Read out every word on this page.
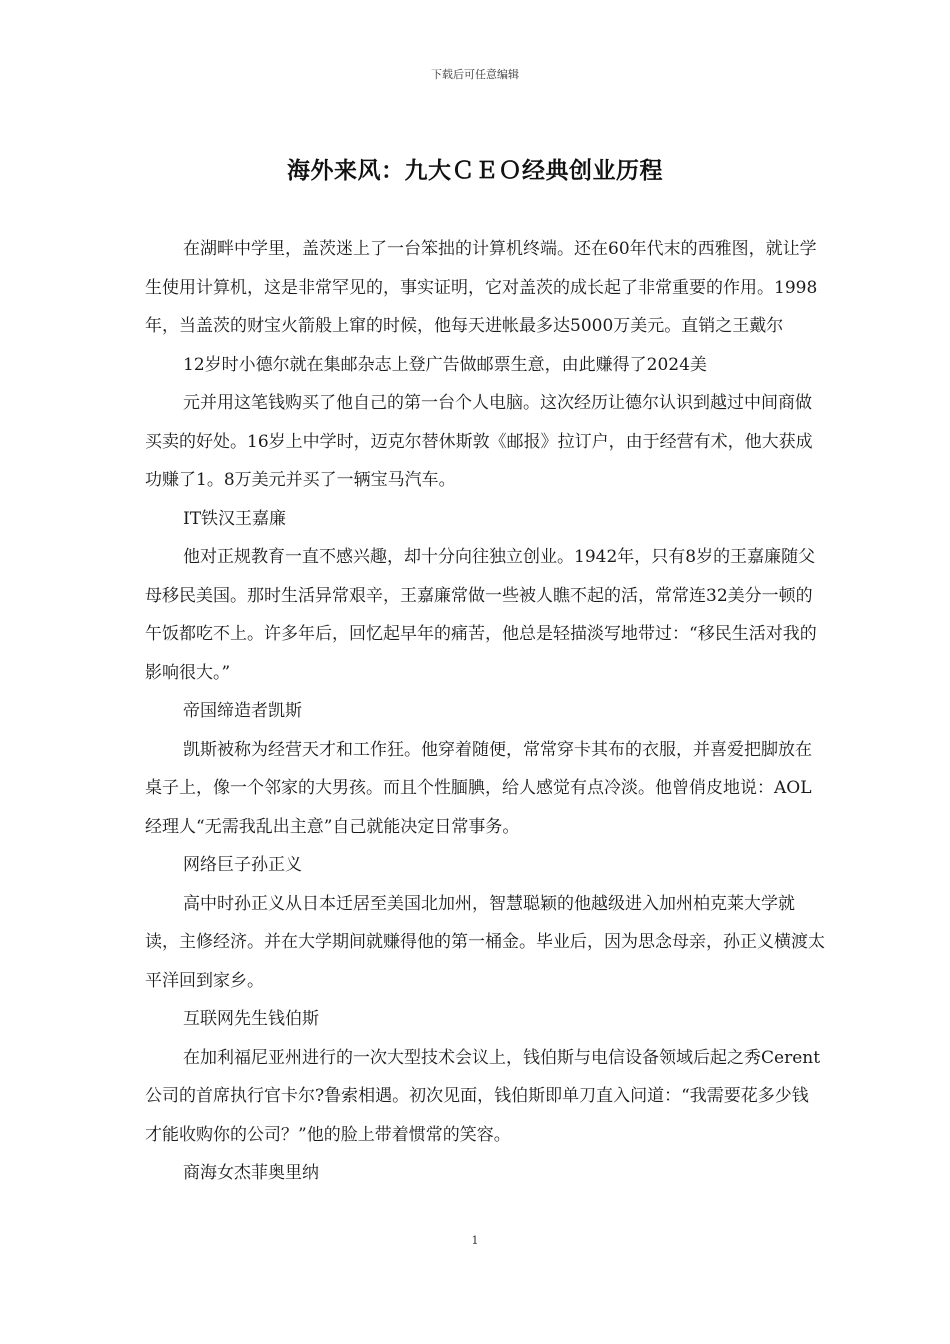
下载后可任意编辑
海外来风：九大ＣＥＯ经典创业历程

在湖畔中学里，盖茨迷上了一台笨拙的计算机终端。还在60年代末的西雅图，就让学生使用计算机，这是非常罕见的，事实证明，它对盖茨的成长起了非常重要的作用。1998年，当盖茨的财宝火箭般上窜的时候，他每天进帐最多达5000万美元。直销之王戴尔

12岁时小德尔就在集邮杂志上登广告做邮票生意，由此赚得了2024美

元并用这笔钱购买了他自己的第一台个人电脑。这次经历让德尔认识到越过中间商做买卖的好处。16岁上中学时，迈克尔替休斯敦《邮报》拉订户，由于经营有术，他大获成功赚了1。8万美元并买了一辆宝马汽车。

IT铁汉王嘉廉

他对正规教育一直不感兴趣，却十分向往独立创业。1942年，只有8岁的王嘉廉随父母移民美国。那时生活异常艰辛，王嘉廉常做一些被人瞧不起的活，常常连32美分一顿的午饭都吃不上。许多年后，回忆起早年的痛苦，他总是轻描淡写地带过：“移民生活对我的影响很大。”

帝国缔造者凯斯

凯斯被称为经营天才和工作狂。他穿着随便，常常穿卡其布的衣服，并喜爱把脚放在桌子上，像一个邻家的大男孩。而且个性腼腆，给人感觉有点冷淡。他曾俏皮地说：AOL经理人“无需我乱出主意”自己就能决定日常事务。

网络巨子孙正义

高中时孙正义从日本迁居至美国北加州，智慧聪颖的他越级进入加州柏克莱大学就读，主修经济。并在大学期间就赚得他的第一桶金。毕业后，因为思念母亲，孙正义横渡太平洋回到家乡。

互联网先生钱伯斯

在加利福尼亚州进行的一次大型技术会议上，钱伯斯与电信设备领域后起之秀Cerent公司的首席执行官卡尔?鲁索相遇。初次见面，钱伯斯即单刀直入问道：“我需要花多少钱才能收购你的公司？”他的脸上带着惯常的笑容。

商海女杰菲奥里纳

1
